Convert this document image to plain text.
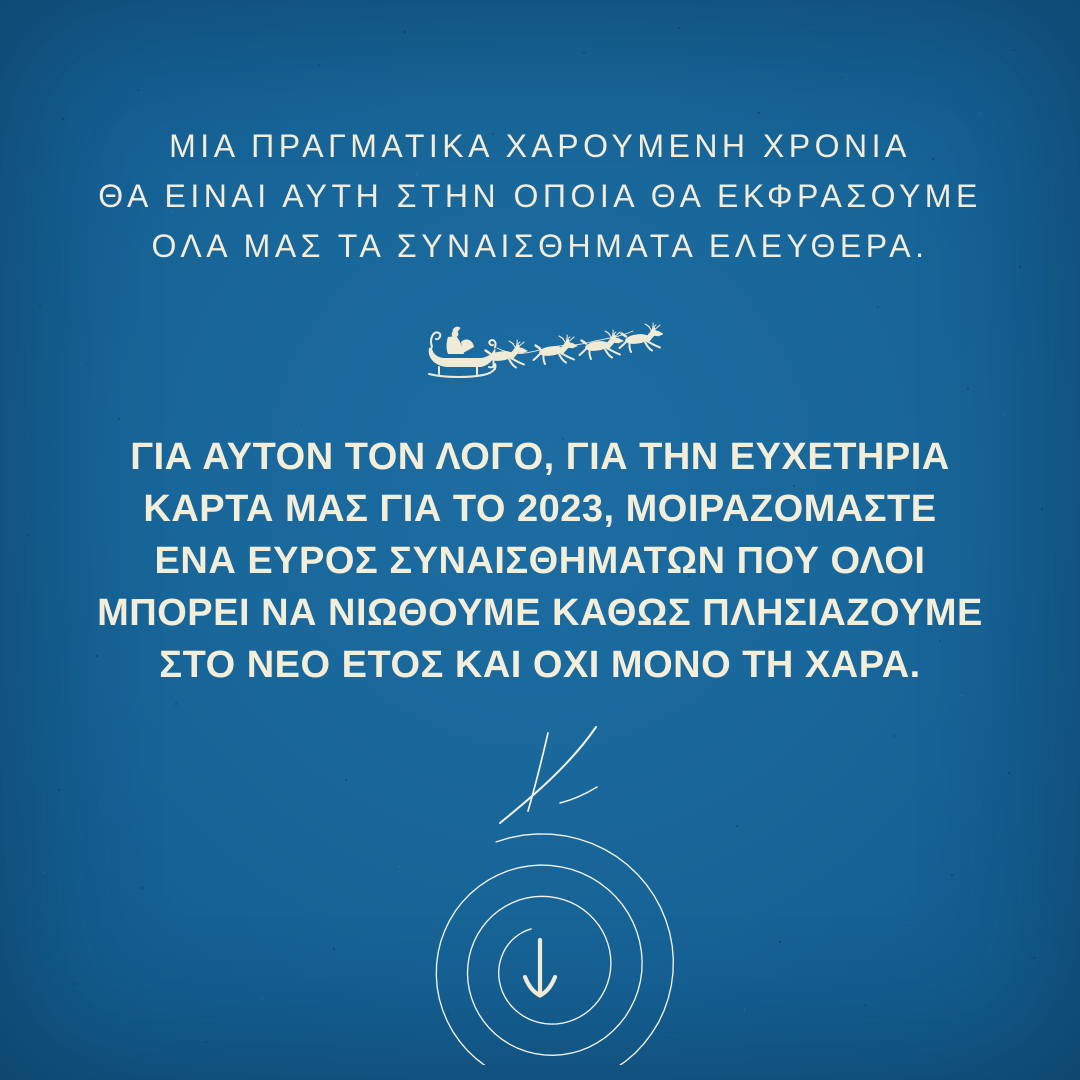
ΜΙΑ ΠΡΑΓΜΑΤΙΚΑ ΧΑΡΟΥΜΕΝΗ ΧΡΟΝΙΑ
ΘΑ ΕΙΝΑΙ ΑΥΤΗ ΣΤΗΝ ΟΠΟΙΑ ΘΑ ΕΚΦΡΑΣΟΥΜΕ
ΟΛΑ ΜΑΣ ΤΑ ΣΥΝΑΙΣΘΗΜΑΤΑ ΕΛΕΥΘΕΡΑ.
ΓΙΑ ΑΥΤΟΝ ΤΟΝ ΛΟΓΟ, ΓΙΑ ΤΗΝ ΕΥΧΕΤΗΡΙΑ
ΚΑΡΤΑ ΜΑΣ ΓΙΑ ΤΟ 2023, ΜΟΙΡΑΖΟΜΑΣΤΕ
ΕΝΑ ΕΥΡΟΣ ΣΥΝΑΙΣΘΗΜΑΤΩΝ ΠΟΥ ΟΛΟΙ
ΜΠΟΡΕΙ ΝΑ ΝΙΩΘΟΥΜΕ ΚΑΘΩΣ ΠΛΗΣΙΑΖΟΥΜΕ
ΣΤΟ ΝΕΟ ΕΤΟΣ ΚΑΙ ΟΧΙ ΜΟΝΟ ΤΗ ΧΑΡΑ.
